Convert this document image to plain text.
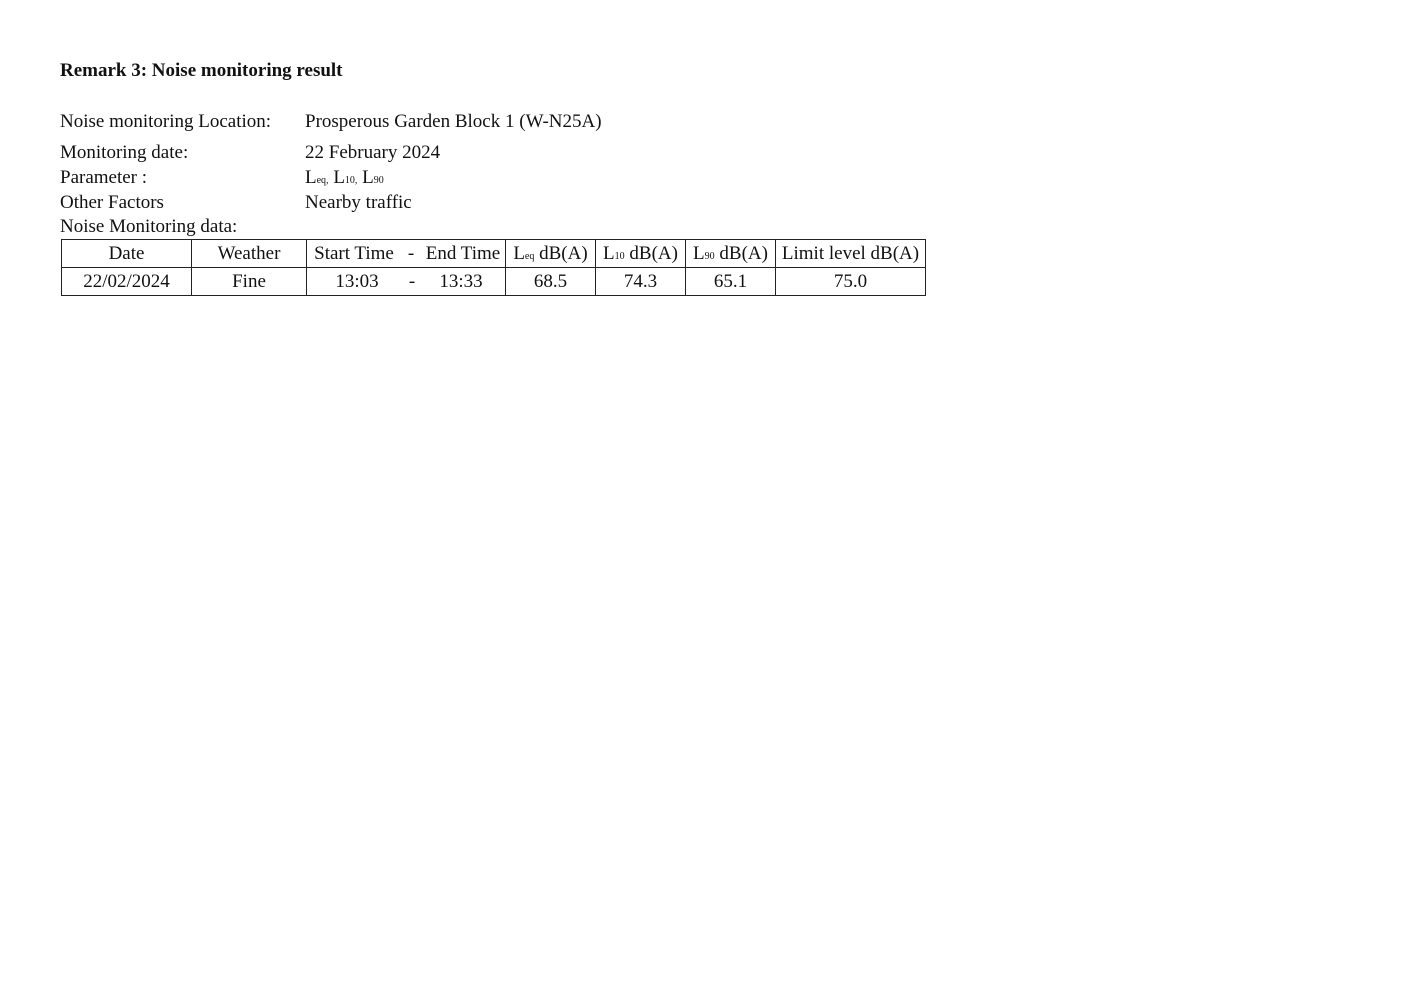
Remark 3: Noise monitoring result
Noise monitoring Location: Prosperous Garden Block 1 (W-N25A)
Monitoring date:	22 February 2024
Parameter :	Leq, L10, L90
Other Factors	Nearby traffic
Noise Monitoring data:
Date	Weather	Start Time - End Time	Leq dB(A)	L10 dB(A)	L90 dB(A)	Limit level dB(A)
22/02/2024	Fine	13:03 - 13:33	68.5	74.3	65.1	75.0
